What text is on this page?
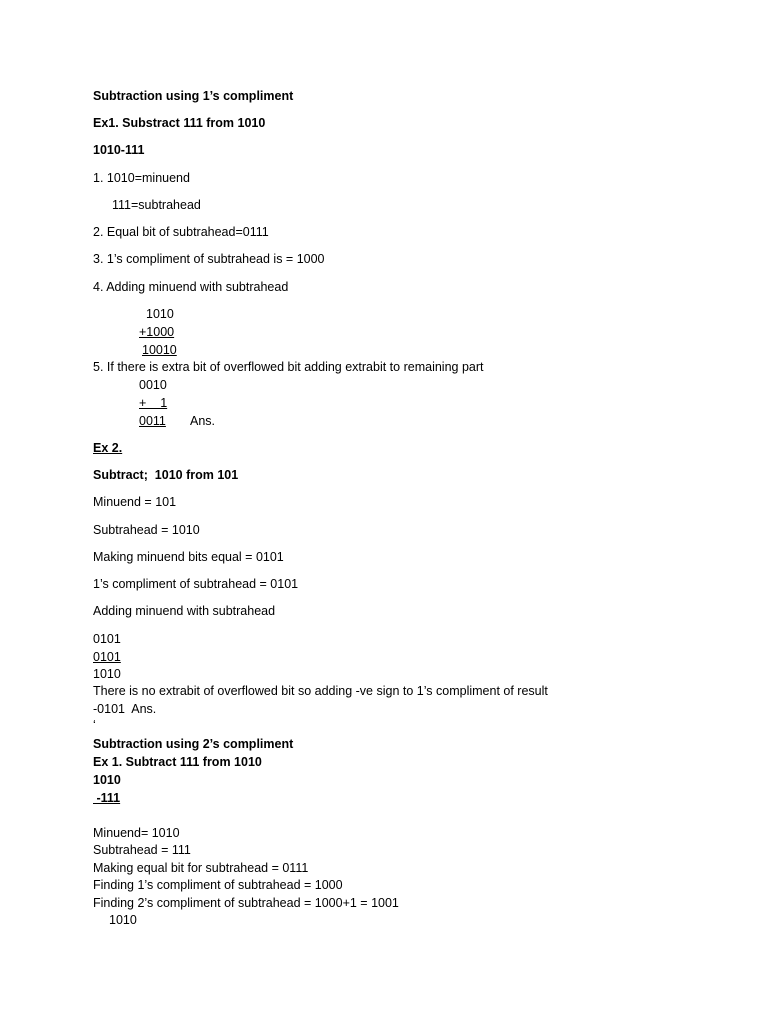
Subtraction using 1’s compliment
Ex1. Substract 111 from 1010
1010-111
1. 1010=minuend
111=subtrahead
2. Equal bit of subtrahead=0111
3. 1’s compliment of subtrahead is = 1000
4. Adding minuend with subtrahead
1010
+1000
10010
5. If there is extra bit of overflowed bit adding extrabit to remaining part
0010
+    1
0011	Ans.
Ex 2.
Subtract;  1010 from 101
Minuend = 101
Subtrahead = 1010
Making minuend bits equal = 0101
1’s compliment of subtrahead = 0101
Adding minuend with subtrahead
0101
0101
1010
There is no extrabit of overflowed bit so adding -ve sign to 1’s compliment of result
-0101  Ans.
‘
Subtraction using 2’s compliment
Ex 1. Subtract 111 from 1010
1010
-111
Minuend= 1010
Subtrahead = 111
Making equal bit for subtrahead = 0111
Finding 1’s compliment of subtrahead = 1000
Finding 2’s compliment of subtrahead = 1000+1 = 1001
1010
